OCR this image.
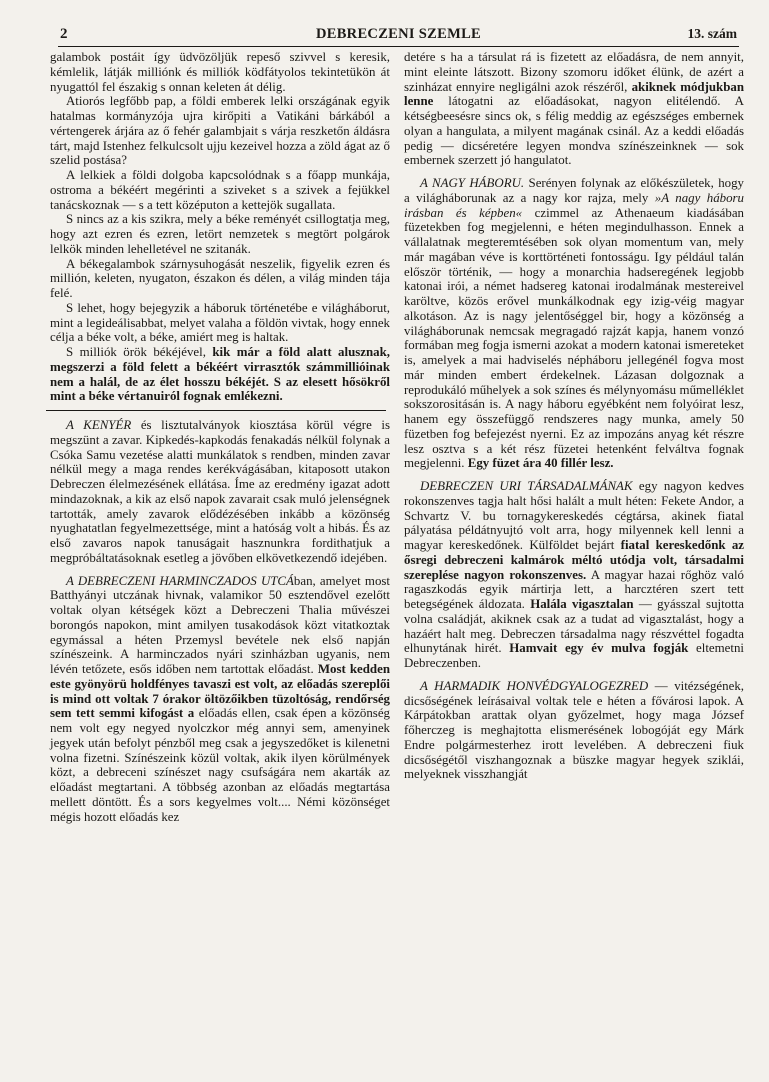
2	DEBRECZENI SZEMLE	13. szám

galambok postáit így üdvözöljük repeső szivvel s keresik, kémlelik, látják milliónk és milliók ködfátyolos tekintetükön át nyugattól fel északig s onnan keleten át délig.

Atiorós legfőbb pap, a földi emberek lelki országának egyik hatalmas kormányzója ujra kirőpiti a Vatikáni bárkából a vértengerek árjára az ő fehér galambjait s várja reszketőn áldásra tárt, majd Istenhez felkulcsolt ujju kezeivel hozza a zöld ágat az ő szelid postása?

A lelkiek a földi dolgoba kapcsolódnak s a főapp munkája, ostroma a békéért megérinti a sziveket s a szivek a fejükkel tanácskoznak — s a tett középuton a kettejök sugallata.

S nincs az a kis szikra, mely a béke reményét csillogtatja meg, hogy azt ezren és ezren, letört nemzetek s megtört polgárok lelkök minden lehelletével ne szitanák.

A békegalambok szárnysuhogását neszelik, figyelik ezren és millión, keleten, nyugaton, északon és délen, a világ minden tája felé.

S lehet, hogy bejegyzik a háboruk történetébe e világháborut, mint a legideálisabbat, melyet valaha a földön vivtak, hogy ennek célja a béke volt, a béke, amiért meg is haltak.

S milliók örök békéjével, kik már a föld alatt alusznak, megszerzi a föld felett a békéért virrasztók számmillióinak nem a halál, de az élet hosszu békéjét. S az elesett hősökről mint a béke vértanuiról fognak emlékezni.

A KENYÉR és lisztutalványok kiosztása körül végre is megszünt a zavar. Kipkedés-kapkodás fenakadás nélkül folynak a Csóka Samu vezetése alatti munkálatok s rendben, minden zavar nélkül megy a maga rendes kerékvágásában, kitaposott utakon Debreczen élelmezésének ellátása. Íme az eredmény igazat adott mindazoknak, a kik az első napok zavarait csak muló jelenségnek tartották, amely zavarok elődézésében inkább a közönség nyughatatlan fegyelmezettsége, mint a hatóság volt a hibás. És az első zavaros napok tanuságait hasznunkra fordithatjuk a megpróbáltatásoknak esetleg a jövőben elkövetkezendő idejében.

A DEBRECZENI HARMINCZADOS UTCÁban, amelyet most Batthyányi utczának hivnak, valamikor 50 esztendővel ezelőtt voltak olyan kétségek közt a Debreczeni Thalia művészei borongós napokon, mint amilyen tusakodások közt vitatkoztak egymással a héten Przemysl bevétele nek első napján színészeink. A harminczados nyári szinházban ugyanis, nem lévén tetőzete, esős időben nem tartottak előadást. Most kedden este gyönyörü holdfényes tavaszi est volt, az előadás szereplői is mind ott voltak 7 órakor öltözőikben tüzoltóság, rendőrség sem tett semmi kifogást a előadás ellen, csak épen a közönség nem volt egy negyed nyolczkor még annyi sem, amenyinek jegyek után befolyt pénzből meg csak a jegyszedőket is kilenetni volna fizetni. Színészeink közül voltak, akik ilyen körülmények közt, a debreceni színészet nagy csufságára nem akarták az előadást megtartani. A többség azonban az előadás megtartása mellett döntött. És a sors kegyelmes volt.... Némi közönséget mégis hozott előadás kez

detére s ha a társulat rá is fizetett az előadásra, de nem annyit, mint eleinte látszott. Bizony szomoru időket élünk, de azért a szinházat ennyire negligálni azok részéről, akiknek módjukban lenne látogatni az előadásokat, nagyon elitélendő. A kétségbeesésre sincs ok, s félig meddig az egészséges embernek olyan a hangulata, a milyent magának csinál. Az a keddi előadás pedig — dicséretére legyen mondva színészeinknek — sok embernek szerzett jó hangulatot.

A NAGY HÁBORU. Serényen folynak az előkészületek, hogy a világháborunak az a nagy kor rajza, mely »A nagy háboru irásban és képben« czimmel az Athenaeum kiadásában füzetekben fog megjelenni, e héten megindulhasson. Ennek a vállalatnak megteremtésében sok olyan momentum van, mely már magában véve is korttörténeti fontosságu. Igy például talán először történik, — hogy a monarchia hadseregének legjobb katonai irói, a német hadsereg katonai irodalmának mestereivel karöltve, közös erővel munkálkodnak egy izig-véig magyar alkotáson. Az is nagy jelentőséggel bir, hogy a közönség a világháborunak nemcsak megragadó rajzát kapja, hanem vonzó formában meg fogja ismerni azokat a modern katonai ismereteket is, amelyek a mai hadviselés népháboru jellegénél fogva most már minden embert érdekelnek. Lázasan dolgoznak a reprodukáló műhelyek a sok színes és mélynyomásu műmelléklet sokszorositásán is. A nagy háboru egyébként nem folyóirat lesz, hanem egy összefüggő rendszeres nagy munka, amely 50 füzetben fog befejezést nyerni. Ez az impozáns anyag két részre lesz osztva s a két rész füzetei hetenként felváltva fognak megjelenni. Egy füzet ára 40 fillér lesz.

DEBRECZEN URI TÁRSADALMÁNAK egy nagyon kedves rokonszenves tagja halt hősi halált a mult héten: Fekete Andor, a Schvartz V. bu tornagykereskedés cégtársa, akinek fiatal pályatása példátnyujtó volt arra, hogy milyennek kell lenni a magyar kereskedőnek. Külföldet bejárt fiatal kereskedőnk az ősregi debreczeni kalmárok méltó utódja volt, társadalmi szereplése nagyon rokonszenves. A magyar hazai rőghöz való ragaszkodás egyik mártirja lett, a harcztéren szert tett betegségének áldozata. Halála vigasztalan — gyásszal sujtotta volna családját, akiknek csak az a tudat ad vigasztalást, hogy a hazáért halt meg. Debreczen társadalma nagy részvéttel fogadta elhunytának hirét. Hamvait egy év mulva fogják eltemetni Debreczenben.

A HARMADIK HONVÉDGYALOGEZRED — vitézségének, dicsőségének leírásaival voltak tele e héten a fővárosi lapok. A Kárpátokban arattak olyan győzelmet, hogy maga József főherczeg is meghajtotta elismerésének lobogóját egy Márk Endre polgármesterhez irott levelében. A debreczeni fiuk dicsőségétől viszhangoznak a büszke magyar hegyek sziklái, melyeknek visszhangját
